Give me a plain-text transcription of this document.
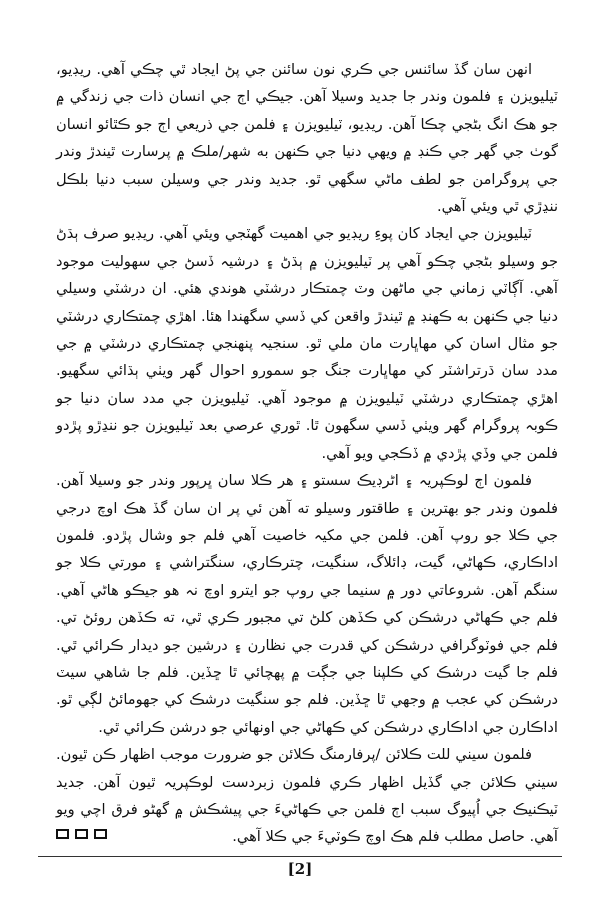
انهن سان گڏ سائنس جي ڪري نون سائنن جي پڻ ايجاد ٿي چڪي آهي. ريڊيو، ٽيليويزن ۽ فلمون وندر جا جديد وسيلا آهن. جيڪي اڄ جي انسان ذات جي زندگي ۾ جو هڪ انگ بڻجي چڪا آهن. ريڊيو، ٽيليويزن ۽ فلمن جي ذريعي اڄ جو ڪٿائو انسان گوٺ جي گهر جي ڪنڊ ۾ ويهي دنيا جي ڪنهن به شهر/ملڪ ۾ پرسارت ٿيندڙ وندر جي پروگرامن جو لطف ماڻي سگهي ٿو. جديد وندر جي وسيلن سبب دنيا بلڪل ننڍڙي ٿي ويئي آهي.

ٽيليويزن جي ايجاد کان پوءِ ريڊيو جي اهميت گهٽجي ويئي آهي. ريڊيو صرف ٻڌڻ جو وسيلو بڻجي چڪو آهي پر ٽيليويزن ۾ ٻڌڻ ۽ درشيہ ڏسڻ جي سهوليت موجود آهي. آڳاٽي زماني جي ماڻهن وٽ چمتڪار درشٽي هوندي هئي. ان درشٽي وسيلي دنيا جي ڪنهن به ڪهنڊ ۾ ٿيندڙ واقعن کي ڏسي سگهندا هئا. اهڙي چمتڪاري درشٽي جو مثال اسان کي مهاڀارت مان ملي ٿو. سنجيہ پنهنجي چمتڪاري درشٽي ۾ جي مدد سان ڌرتراشٽر کي مهاڀارت جنگ جو سمورو احوال گهر ويٺي ٻڌائي سگهيو. اهڙي چمتڪاري درشٽي ٽيليويزن ۾ موجود آهي. ٽيليويزن جي مدد سان دنيا جو ڪوبہ پروگرام گهر ويٺي ڏسي سگهون ٿا. ٿوري عرصي بعد ٽيليويزن جو ننڍڙو پڙدو فلمن جي وڏي پڙدي ۾ ڏڪجي ويو آهي.

فلمون اڄ لوڪپريہ ۽ اڻرڊيڪ سستو ۽ هر ڪلا سان ڀرپور وندر جو وسيلا آهن. فلمون وندر جو بهترين ۽ طاقتور وسيلو ته آهن ئي پر ان سان گڏ هڪ اوچ درجي جي ڪلا جو روپ آهن. فلمن جي مکيہ خاصيت آهي فلم جو وشال پڙدو. فلمون اداڪاري، ڪهاڻي، گيت، ڊائلاگ، سنگيت، چترڪاري، سنگتراشي ۽ مورتي ڪلا جو سنگم آهن. شروعاتي دور ۾ سنيما جي روپ جو ايترو اوچ نہ هو جيڪو هاڻي آهي. فلم جي ڪهاڻي درشڪن کي ڪڏهن کلڻ تي مجبور ڪري ٿي، ته ڪڏهن روئڻ تي. فلم جي فوٽوگرافي درشڪن کي قدرت جي نظارن ۽ درشين جو ديدار ڪرائي ٿي. فلم جا گيت درشڪ کي ڪلپنا جي جڳت ۾ پهچائي ٿا ڇڏين. فلم جا شاهي سيٽ درشڪن کي عجب ۾ وجهي ٿا ڇڏين. فلم جو سنگيت درشڪ کي جهومائڻ لڳي ٿو. اداڪارن جي اداڪاري درشڪن کي ڪهاڻي جي اونهائي جو درشن ڪرائي ٿي.

فلمون سيني للت ڪلائن /پرفارمنگ ڪلائن جو ضرورت موجب اظهار ڪن ٿيون. سيني ڪلائن جي گڏيل اظهار ڪري فلمون زبردست لوڪپريہ ٿيون آهن. جديد ٽيڪنيڪ جي اُپيوگ سبب اڄ فلمن جي ڪهاڻيءَ جي پيشڪش ۾ گهڻو فرق اچي ويو آهي. حاصل مطلب فلم هڪ اوچ ڪوٽيءَ جي ڪلا آهي.

[2]
